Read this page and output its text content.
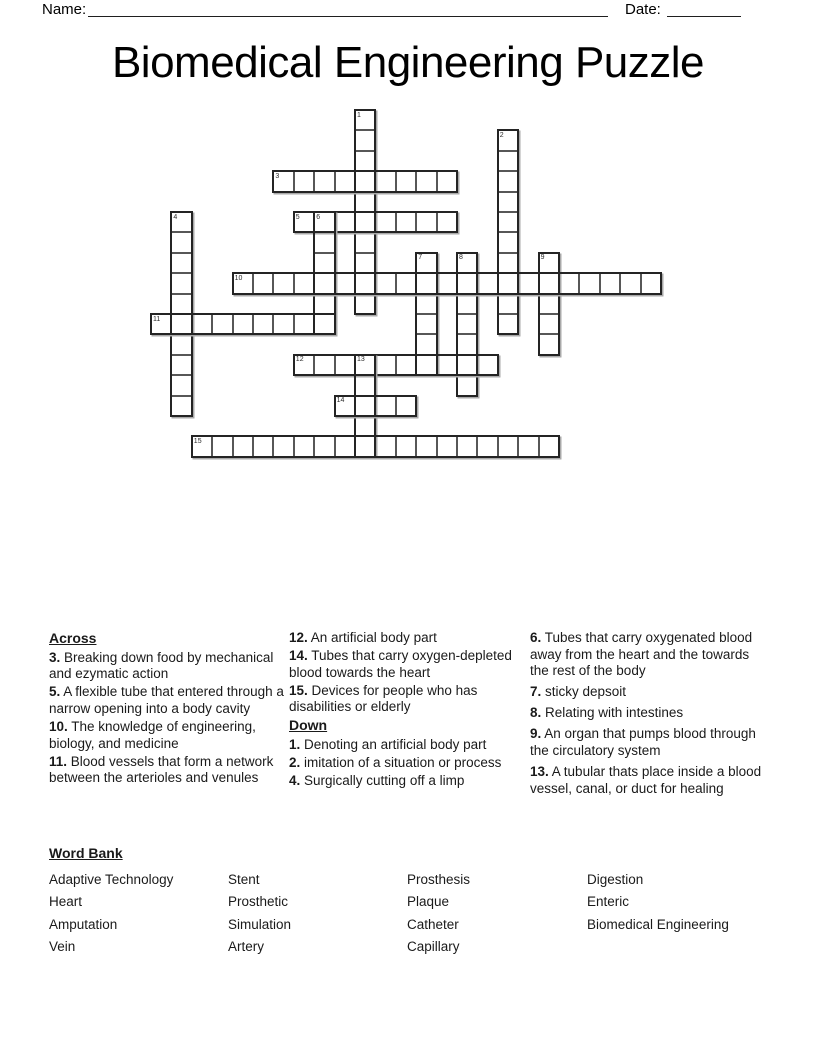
Name:	Date:
Biomedical Engineering Puzzle
1
2
3
4	5 6
7	8	9
10
11
12	13
14
15
Across
3. Breaking down food by mechanical and ezymatic action
5. A flexible tube that entered through a narrow opening into a body cavity
10. The knowledge of engineering, biology, and medicine
11. Blood vessels that form a network between the arterioles and venules
12. An artificial body part
14. Tubes that carry oxygen-depleted blood towards the heart
15. Devices for people who has disabilities or elderly
Down
1. Denoting an artificial body part
2. imitation of a situation or process
4. Surgically cutting off a limp
6. Tubes that carry oxygenated blood away from the heart and the towards the rest of the body
7. sticky depsoit
8. Relating with intestines
9. An organ that pumps blood through the circulatory system
13. A tubular thats place inside a blood vessel, canal, or duct for healing
Word Bank
Adaptive Technology
Heart
Amputation
Vein
Stent
Prosthetic
Simulation
Artery
Prosthesis
Plaque
Catheter
Capillary
Digestion
Enteric
Biomedical Engineering
